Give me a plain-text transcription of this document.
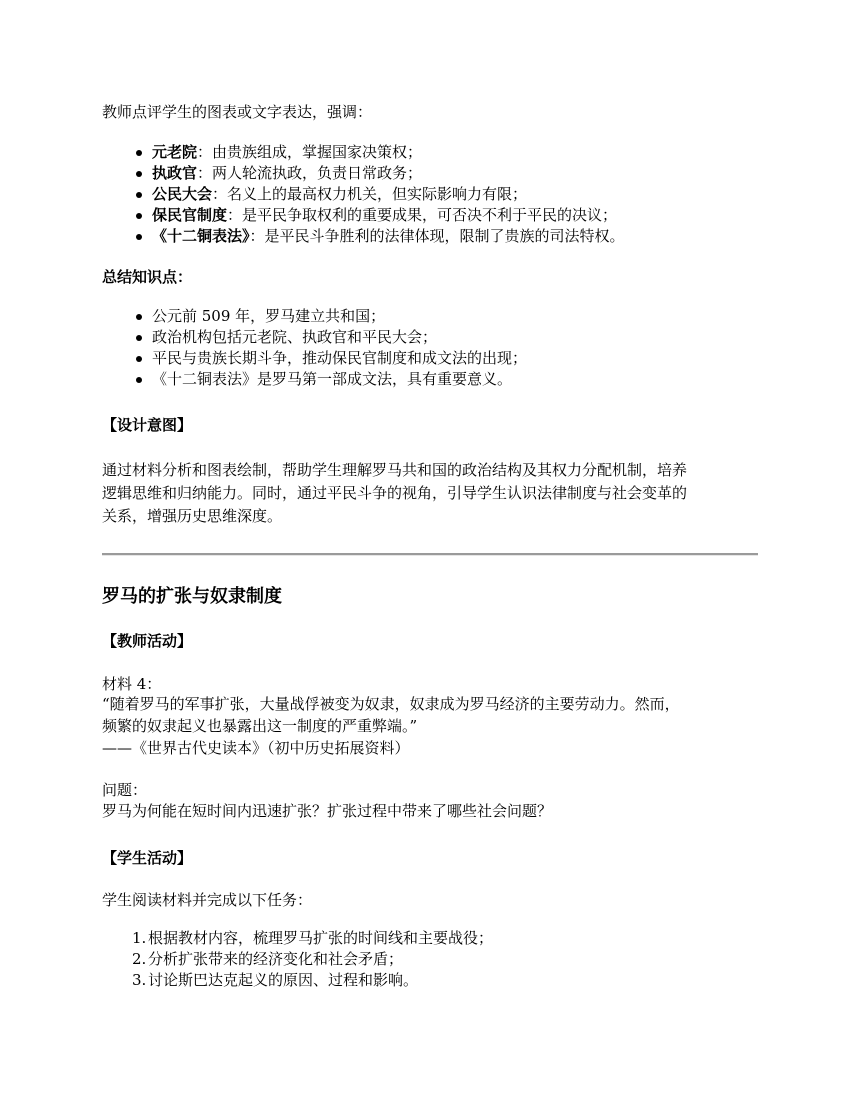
教师点评学生的图表或文字表达，强调：

元老院：由贵族组成，掌握国家决策权；
执政官：两人轮流执政，负责日常政务；
公民大会：名义上的最高权力机关，但实际影响力有限；
保民官制度：是平民争取权利的重要成果，可否决不利于平民的决议；
《十二铜表法》：是平民斗争胜利的法律体现，限制了贵族的司法特权。

总结知识点：

公元前 509 年，罗马建立共和国；
政治机构包括元老院、执政官和平民大会；
平民与贵族长期斗争，推动保民官制度和成文法的出现；
《十二铜表法》是罗马第一部成文法，具有重要意义。

【设计意图】

通过材料分析和图表绘制，帮助学生理解罗马共和国的政治结构及其权力分配机制，培养

逻辑思维和归纳能力。同时，通过平民斗争的视角，引导学生认识法律制度与社会变革的

关系，增强历史思维深度。

罗马的扩张与奴隶制度

【教师活动】

材料 4：

“随着罗马的军事扩张，大量战俘被变为奴隶，奴隶成为罗马经济的主要劳动力。然而，

频繁的奴隶起义也暴露出这一制度的严重弊端。”

——《世界古代史读本》（初中历史拓展资料）

问题：

罗马为何能在短时间内迅速扩张？扩张过程中带来了哪些社会问题？

【学生活动】

学生阅读材料并完成以下任务：

1. 根据教材内容，梳理罗马扩张的时间线和主要战役；
2. 分析扩张带来的经济变化和社会矛盾；
3. 讨论斯巴达克起义的原因、过程和影响。
